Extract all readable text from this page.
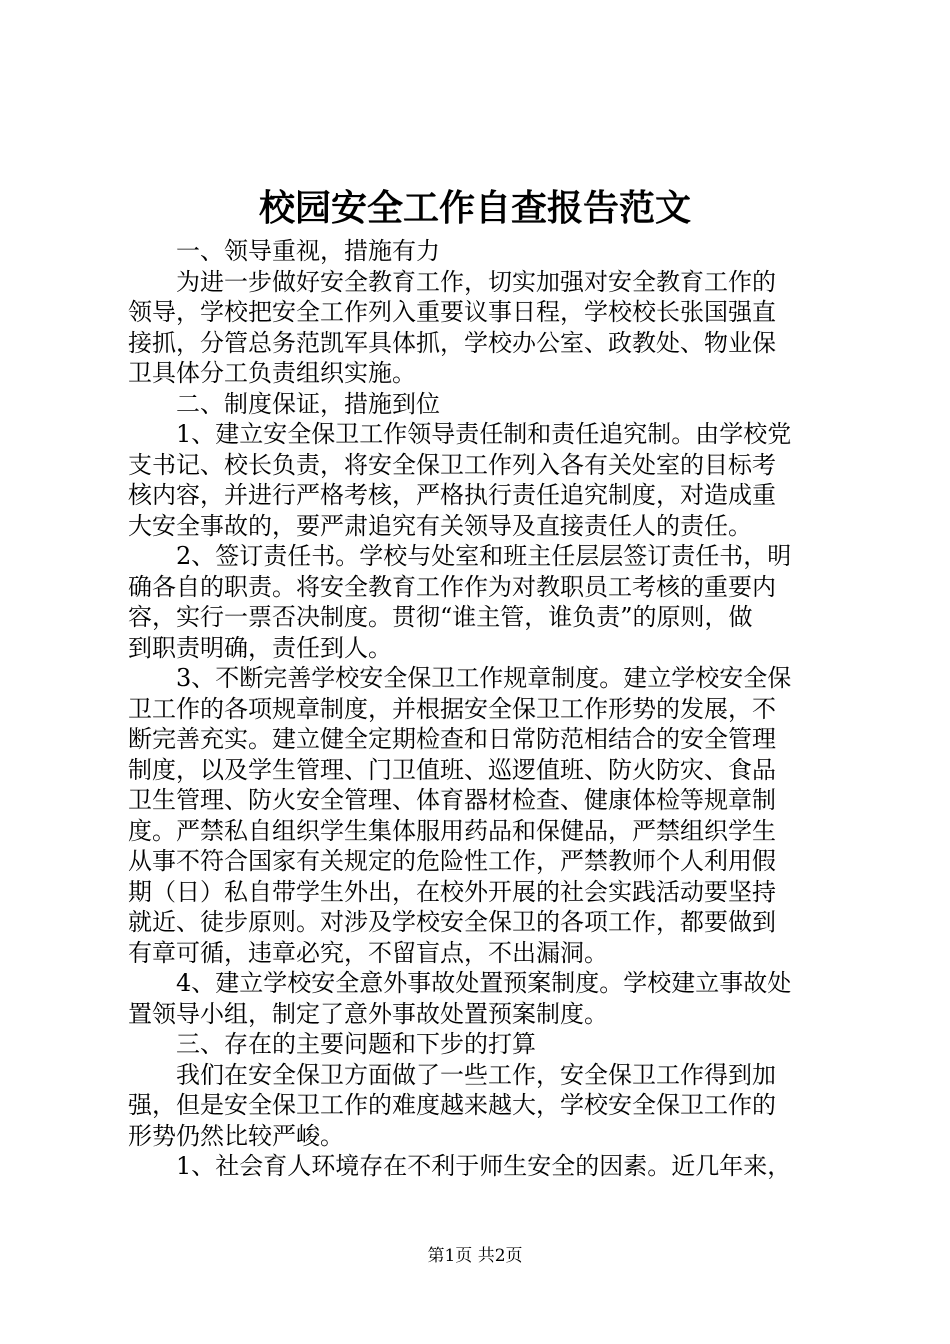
校园安全工作自查报告范文
一、领导重视，措施有力
为进一步做好安全教育工作，切实加强对安全教育工作的
领导，学校把安全工作列入重要议事日程，学校校长张国强直
接抓，分管总务范凯军具体抓，学校办公室、政教处、物业保
卫具体分工负责组织实施。
二、制度保证，措施到位
1、建立安全保卫工作领导责任制和责任追究制。由学校党
支书记、校长负责，将安全保卫工作列入各有关处室的目标考
核内容，并进行严格考核，严格执行责任追究制度，对造成重
大安全事故的，要严肃追究有关领导及直接责任人的责任。
2、签订责任书。学校与处室和班主任层层签订责任书，明
确各自的职责。将安全教育工作作为对教职员工考核的重要内
容，实行一票否决制度。贯彻“谁主管，谁负责”的原则，做
到职责明确，责任到人。
3、不断完善学校安全保卫工作规章制度。建立学校安全保
卫工作的各项规章制度，并根据安全保卫工作形势的发展，不
断完善充实。建立健全定期检查和日常防范相结合的安全管理
制度，以及学生管理、门卫值班、巡逻值班、防火防灾、食品
卫生管理、防火安全管理、体育器材检查、健康体检等规章制
度。严禁私自组织学生集体服用药品和保健品，严禁组织学生
从事不符合国家有关规定的危险性工作，严禁教师个人利用假
期（日）私自带学生外出，在校外开展的社会实践活动要坚持
就近、徒步原则。对涉及学校安全保卫的各项工作，都要做到
有章可循，违章必究，不留盲点，不出漏洞。
4、建立学校安全意外事故处置预案制度。学校建立事故处
置领导小组，制定了意外事故处置预案制度。
三、存在的主要问题和下步的打算
我们在安全保卫方面做了一些工作，安全保卫工作得到加
强，但是安全保卫工作的难度越来越大，学校安全保卫工作的
形势仍然比较严峻。
1、社会育人环境存在不利于师生安全的因素。近几年来，
第1页 共2页
